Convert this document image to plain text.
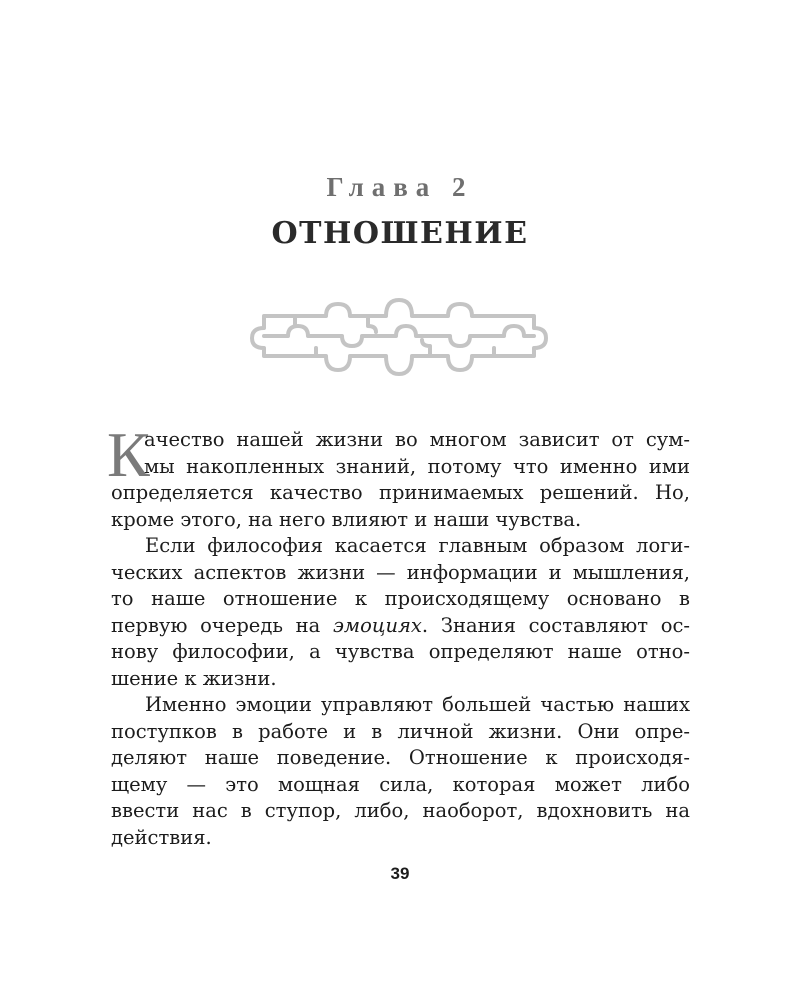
Глава 2
ОТНОШЕНИЕ
К
ачество нашей жизни во многом зависит от сум-
мы накопленных знаний, потому что именно ими
определяется качество принимаемых решений. Но,
кроме этого, на него влияют и наши чувства.
Если философия касается главным образом логи-
ческих аспектов жизни — информации и мышления,
то наше отношение к происходящему основано в
первую очередь на эмоциях. Знания составляют ос-
нову философии, а чувства определяют наше отно-
шение к жизни.
Именно эмоции управляют большей частью наших
поступков в работе и в личной жизни. Они опре-
деляют наше поведение. Отношение к происходя-
щему — это мощная сила, которая может либо
ввести нас в ступор, либо, наоборот, вдохновить на
действия.
39
